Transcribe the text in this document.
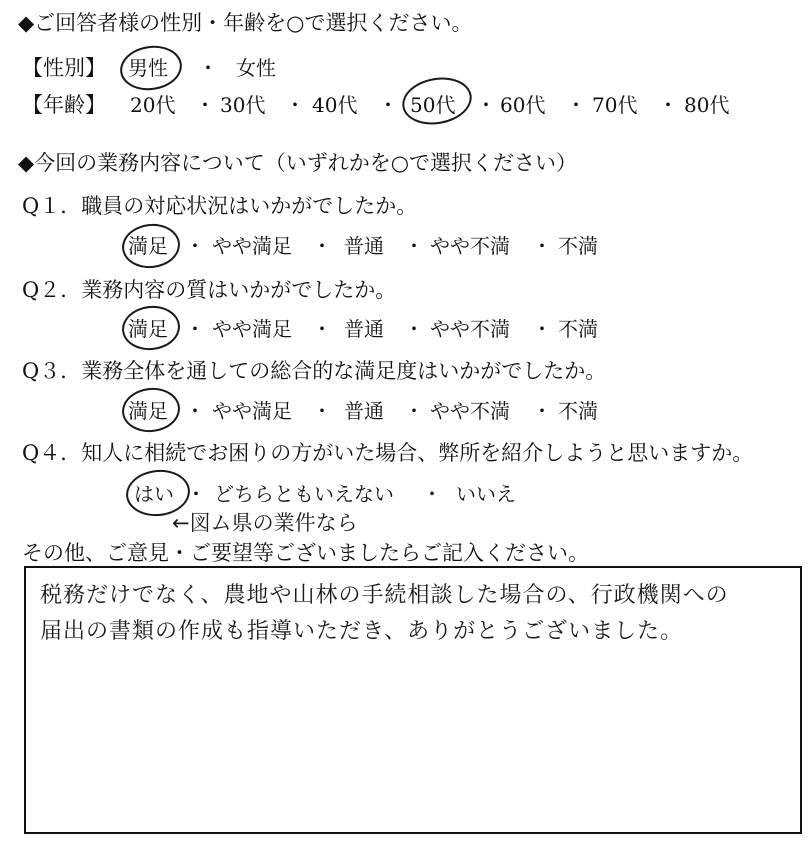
◆ご回答者様の性別・年齢を○で選択ください。
【性別】 男性 ・ 女性
【年齢】 20代 ・ 30代 ・ 40代 ・ 50代 ・ 60代 ・ 70代 ・ 80代
◆今回の業務内容について（いずれかを○で選択ください）
Q１．職員の対応状況はいかがでしたか。
満足 ・ やや満足 ・ 普通 ・ やや不満 ・ 不満
Q２．業務内容の質はいかがでしたか。
満足 ・ やや満足 ・ 普通 ・ やや不満 ・ 不満
Q３．業務全体を通しての総合的な満足度はいかがでしたか。
満足 ・ やや満足 ・ 普通 ・ やや不満 ・ 不満
Q４．知人に相続でお困りの方がいた場合、弊所を紹介しようと思いますか。
はい ・ どちらともいえない ・ いいえ
←図ム県の業件なら
その他、ご意見・ご要望等ございましたらご記入ください。
税務だけでなく、農地や山林の手続相談した場合の、行政機関への
届出の書類の作成も指導いただき、ありがとうございました。
